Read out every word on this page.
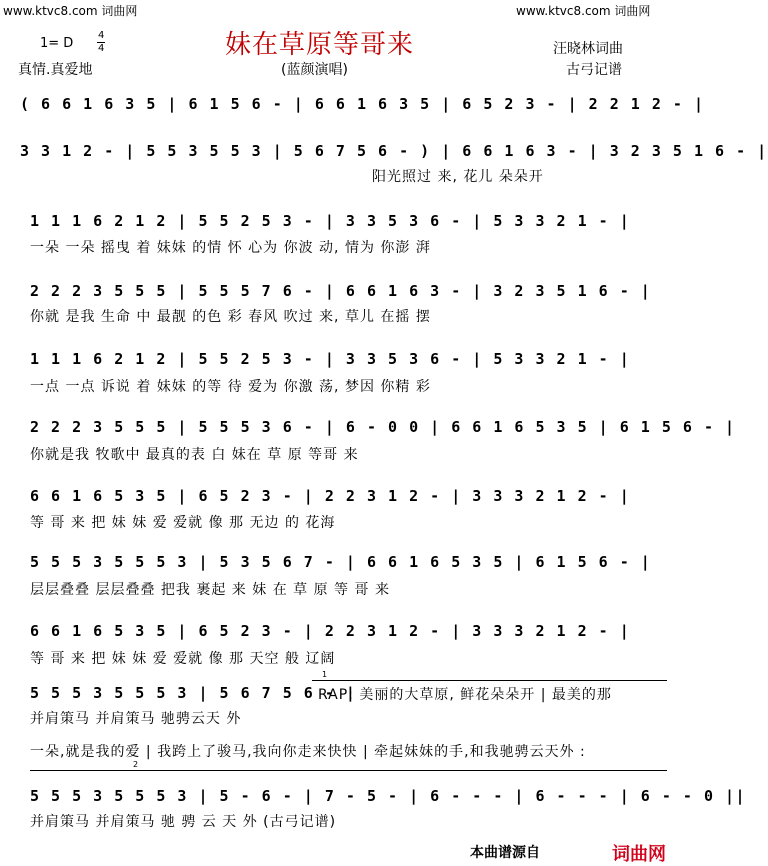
www.ktvc8.com 词曲网	www.ktvc8.com 词曲网
1= D
4
4	妹在草原等哥来	汪晓林词曲
真情.真爱地	(蓝颜演唱)	古弓记谱
( 6 6 1 6 3 5 | 6 1 5 6 - | 6 6 1 6 3 5 | 6 5 2 3 - | 2 2 1 2 - |
3 3 1 2 - | 5 5 3 5 5 3 | 5 6 7 5 6 - ) | 6 6 1 6 3 - | 3 2 3 5 1 6 - |
阳光照过 来, 花儿 朵朵开
1 1 1 6 2 1 2 | 5 5 2 5 3 - | 3 3 5 3 6 - | 5 3 3 2 1 - |
一朵 一朵 摇曳 着 妹妹 的情 怀 心为 你波 动, 情为 你澎 湃
2 2 2 3 5 5 5 | 5 5 5 7 6 - | 6 6 1 6 3 - | 3 2 3 5 1 6 - |
你就 是我 生命 中 最靓 的色 彩 春风 吹过 来, 草儿 在摇 摆
1 1 1 6 2 1 2 | 5 5 2 5 3 - | 3 3 5 3 6 - | 5 3 3 2 1 - |
一点 一点 诉说 着 妹妹 的等 待 爱为 你激 荡, 梦因 你精 彩
2 2 2 3 5 5 5 | 5 5 5 3 6 - | 6 - 0 0 | 6 6 1 6 5 3 5 | 6 1 5 6 - |
你就是我 牧歌中 最真的表 白 妹在 草 原 等哥 来
6 6 1 6 5 3 5 | 6 5 2 3 - | 2 2 3 1 2 - | 3 3 3 2 1 2 - |
等 哥 来 把 妹 妹 爱 爱就 像 那 无边 的 花海
5 5 5 3 5 5 5 3 | 5 3 5 6 7 - | 6 6 1 6 5 3 5 | 6 1 5 6 - |
层层叠叠 层层叠叠 把我 裹起 来 妹 在 草 原 等 哥 来
6 6 1 6 5 3 5 | 6 5 2 3 - | 2 2 3 1 2 - | 3 3 3 2 1 2 - |
等 哥 来 把 妹 妹 爱 爱就 像 那 天空 般 辽阔
1
5 5 5 3 5 5 5 3 | 5 6 7 5 6 - |
RAP: 美丽的大草原, 鲜花朵朵开 | 最美的那
并肩策马 并肩策马 驰骋云天 外
一朵,就是我的爱 | 我跨上了骏马,我向你走来快快 | 牵起妹妹的手,和我驰骋云天外 :
2
5 5 5 3 5 5 5 3 | 5 - 6 - | 7 - 5 - | 6 - - - | 6 - - - | 6 - - 0 ||
并肩策马 并肩策马 驰 骋 云 天 外 (古弓记谱)
本曲谱源自	词曲网
